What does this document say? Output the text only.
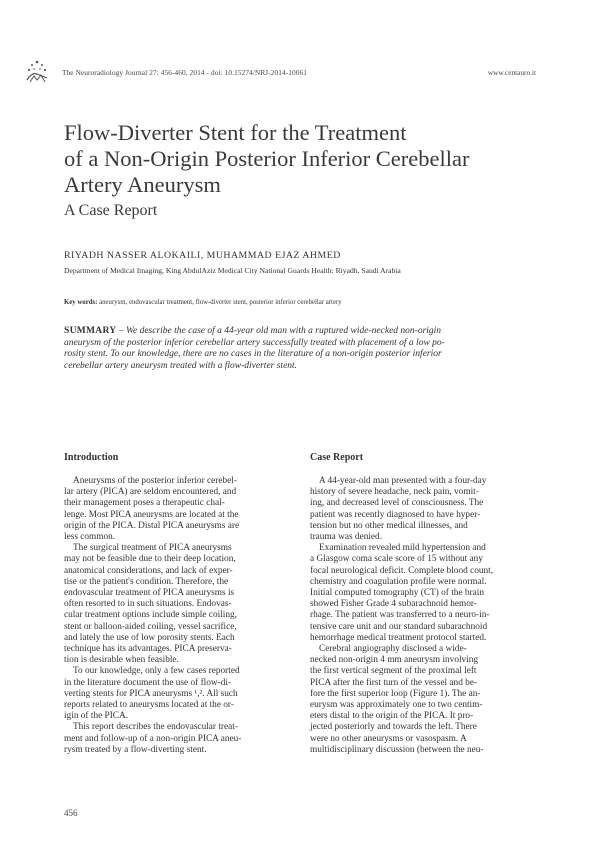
The Neuroradiology Journal 27: 456-460, 2014 - doi: 10.15274/NRJ-2014-10061	www.centauro.it
Flow-Diverter Stent for the Treatment
of a Non-Origin Posterior Inferior Cerebellar
Artery Aneurysm
A Case Report
RIYADH NASSER ALOKAILI, MUHAMMAD EJAZ AHMED
Department of Medical Imaging, King AbdulAziz Medical City National Guards Health; Riyadh, Saudi Arabia
Key words: aneurysm, endovascular treatment, flow-diverter stent, posterior inferior cerebellar artery
SUMMARY – We describe the case of a 44-year old man with a ruptured wide-necked non-origin
aneurysm of the posterior inferior cerebellar artery successfully treated with placement of a low po-
rosity stent. To our knowledge, there are no cases in the literature of a non-origin posterior inferior
cerebellar artery aneurysm treated with a flow-diverter stent.
Introduction	Case Report
Aneurysms of the posterior inferior cerebel-
lar artery (PICA) are seldom encountered, and
their management poses a therapeutic chal-
lenge. Most PICA aneurysms are located at the
origin of the PICA. Distal PICA aneurysms are
less common.
The surgical treatment of PICA aneurysms
may not be feasible due to their deep location,
anatomical considerations, and lack of exper-
tise or the patient's condition. Therefore, the
endovascular treatment of PICA aneurysms is
often resorted to in such situations. Endovas-
cular treatment options include simple coiling,
stent or balloon-aided coiling, vessel sacrifice,
and lately the use of low porosity stents. Each
technique has its advantages. PICA preserva-
tion is desirable when feasible.
To our knowledge, only a few cases reported
in the literature document the use of flow-di-
verting stents for PICA aneurysms ¹,². All such
reports related to aneurysms located at the or-
igin of the PICA.
This report describes the endovascular treat-
ment and follow-up of a non-origin PICA aneu-
rysm treated by a flow-diverting stent.
A 44-year-old man presented with a four-day
history of severe headache, neck pain, vomit-
ing, and decreased level of consciousness. The
patient was recently diagnosed to have hyper-
tension but no other medical illnesses, and
trauma was denied.
Examination revealed mild hypertension and
a Glasgow coma scale score of 15 without any
focal neurological deficit. Complete blood count,
chemistry and coagulation profile were normal.
Initial computed tomography (CT) of the brain
showed Fisher Grade 4 subarachnoid hemor-
rhage. The patient was transferred to a neuro-in-
tensive care unit and our standard subarachnoid
hemorrhage medical treatment protocol started.
Cerebral angiography disclosed a wide-
necked non-origin 4 mm aneurysm involving
the first vertical segment of the proximal left
PICA after the first turn of the vessel and be-
fore the first superior loop (Figure 1). The an-
eurysm was approximately one to two centim-
eters distal to the origin of the PICA. It pro-
jected posteriorly and towards the left. There
were no other aneurysms or vasospasm. A
multidisciplinary discussion (between the neu-
456
